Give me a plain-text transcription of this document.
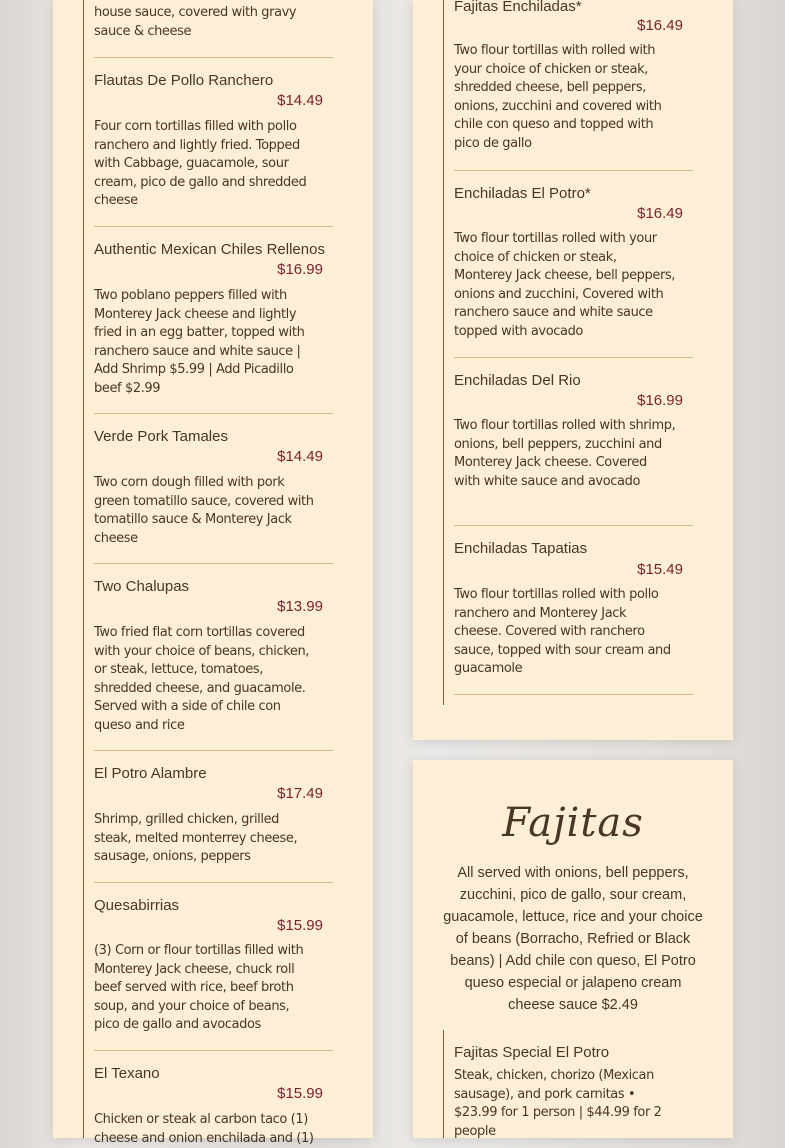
house sauce, covered with gravy sauce & cheese
Flautas De Pollo Ranchero
$14.49
Four corn tortillas filled with pollo ranchero and lightly fried. Topped with Cabbage, guacamole, sour cream, pico de gallo and shredded cheese
Authentic Mexican Chiles Rellenos
$16.99
Two poblano peppers filled with Monterey Jack cheese and lightly fried in an egg batter, topped with ranchero sauce and white sauce | Add Shrimp $5.99 | Add Picadillo beef $2.99
Verde Pork Tamales
$14.49
Two corn dough filled with pork green tomatillo sauce, covered with tomatillo sauce & Monterey Jack cheese
Two Chalupas
$13.99
Two fried flat corn tortillas covered with your choice of beans, chicken, or steak, lettuce, tomatoes, shredded cheese, and guacamole. Served with a side of chile con queso and rice
El Potro Alambre
$17.49
Shrimp, grilled chicken, grilled steak, melted monterrey cheese, sausage, onions, peppers
Quesabirrias
$15.99
(3) Corn or flour tortillas filled with Monterey Jack cheese, chuck roll beef served with rice, beef broth soup, and your choice of beans, pico de gallo and avocados
El Texano
$15.99
Chicken or steak al carbon taco (1) cheese and onion enchilada and (1)
Fajitas Enchiladas*
$16.49
Two flour tortillas with rolled with your choice of chicken or steak, shredded cheese, bell peppers, onions, zucchini and covered with chile con queso and topped with pico de gallo
Enchiladas El Potro*
$16.49
Two flour tortillas rolled with your choice of chicken or steak, Monterey Jack cheese, bell peppers, onions and zucchini, Covered with ranchero sauce and white sauce topped with avocado
Enchiladas Del Rio
$16.99
Two flour tortillas rolled with shrimp, onions, bell peppers, zucchini and Monterey Jack cheese. Covered with white sauce and avocado
Enchiladas Tapatias
$15.49
Two flour tortillas rolled with pollo ranchero and Monterey Jack cheese. Covered with ranchero sauce, topped with sour cream and guacamole
Fajitas
All served with onions, bell peppers, zucchini, pico de gallo, sour cream, guacamole, lettuce, rice and your choice of beans (Borracho, Refried or Black beans) | Add chile con queso, El Potro queso especial or jalapeno cream cheese sauce $2.49
Fajitas Special El Potro
Steak, chicken, chorizo (Mexican sausage), and pork carnitas • $23.99 for 1 person | $44.99 for 2 people
